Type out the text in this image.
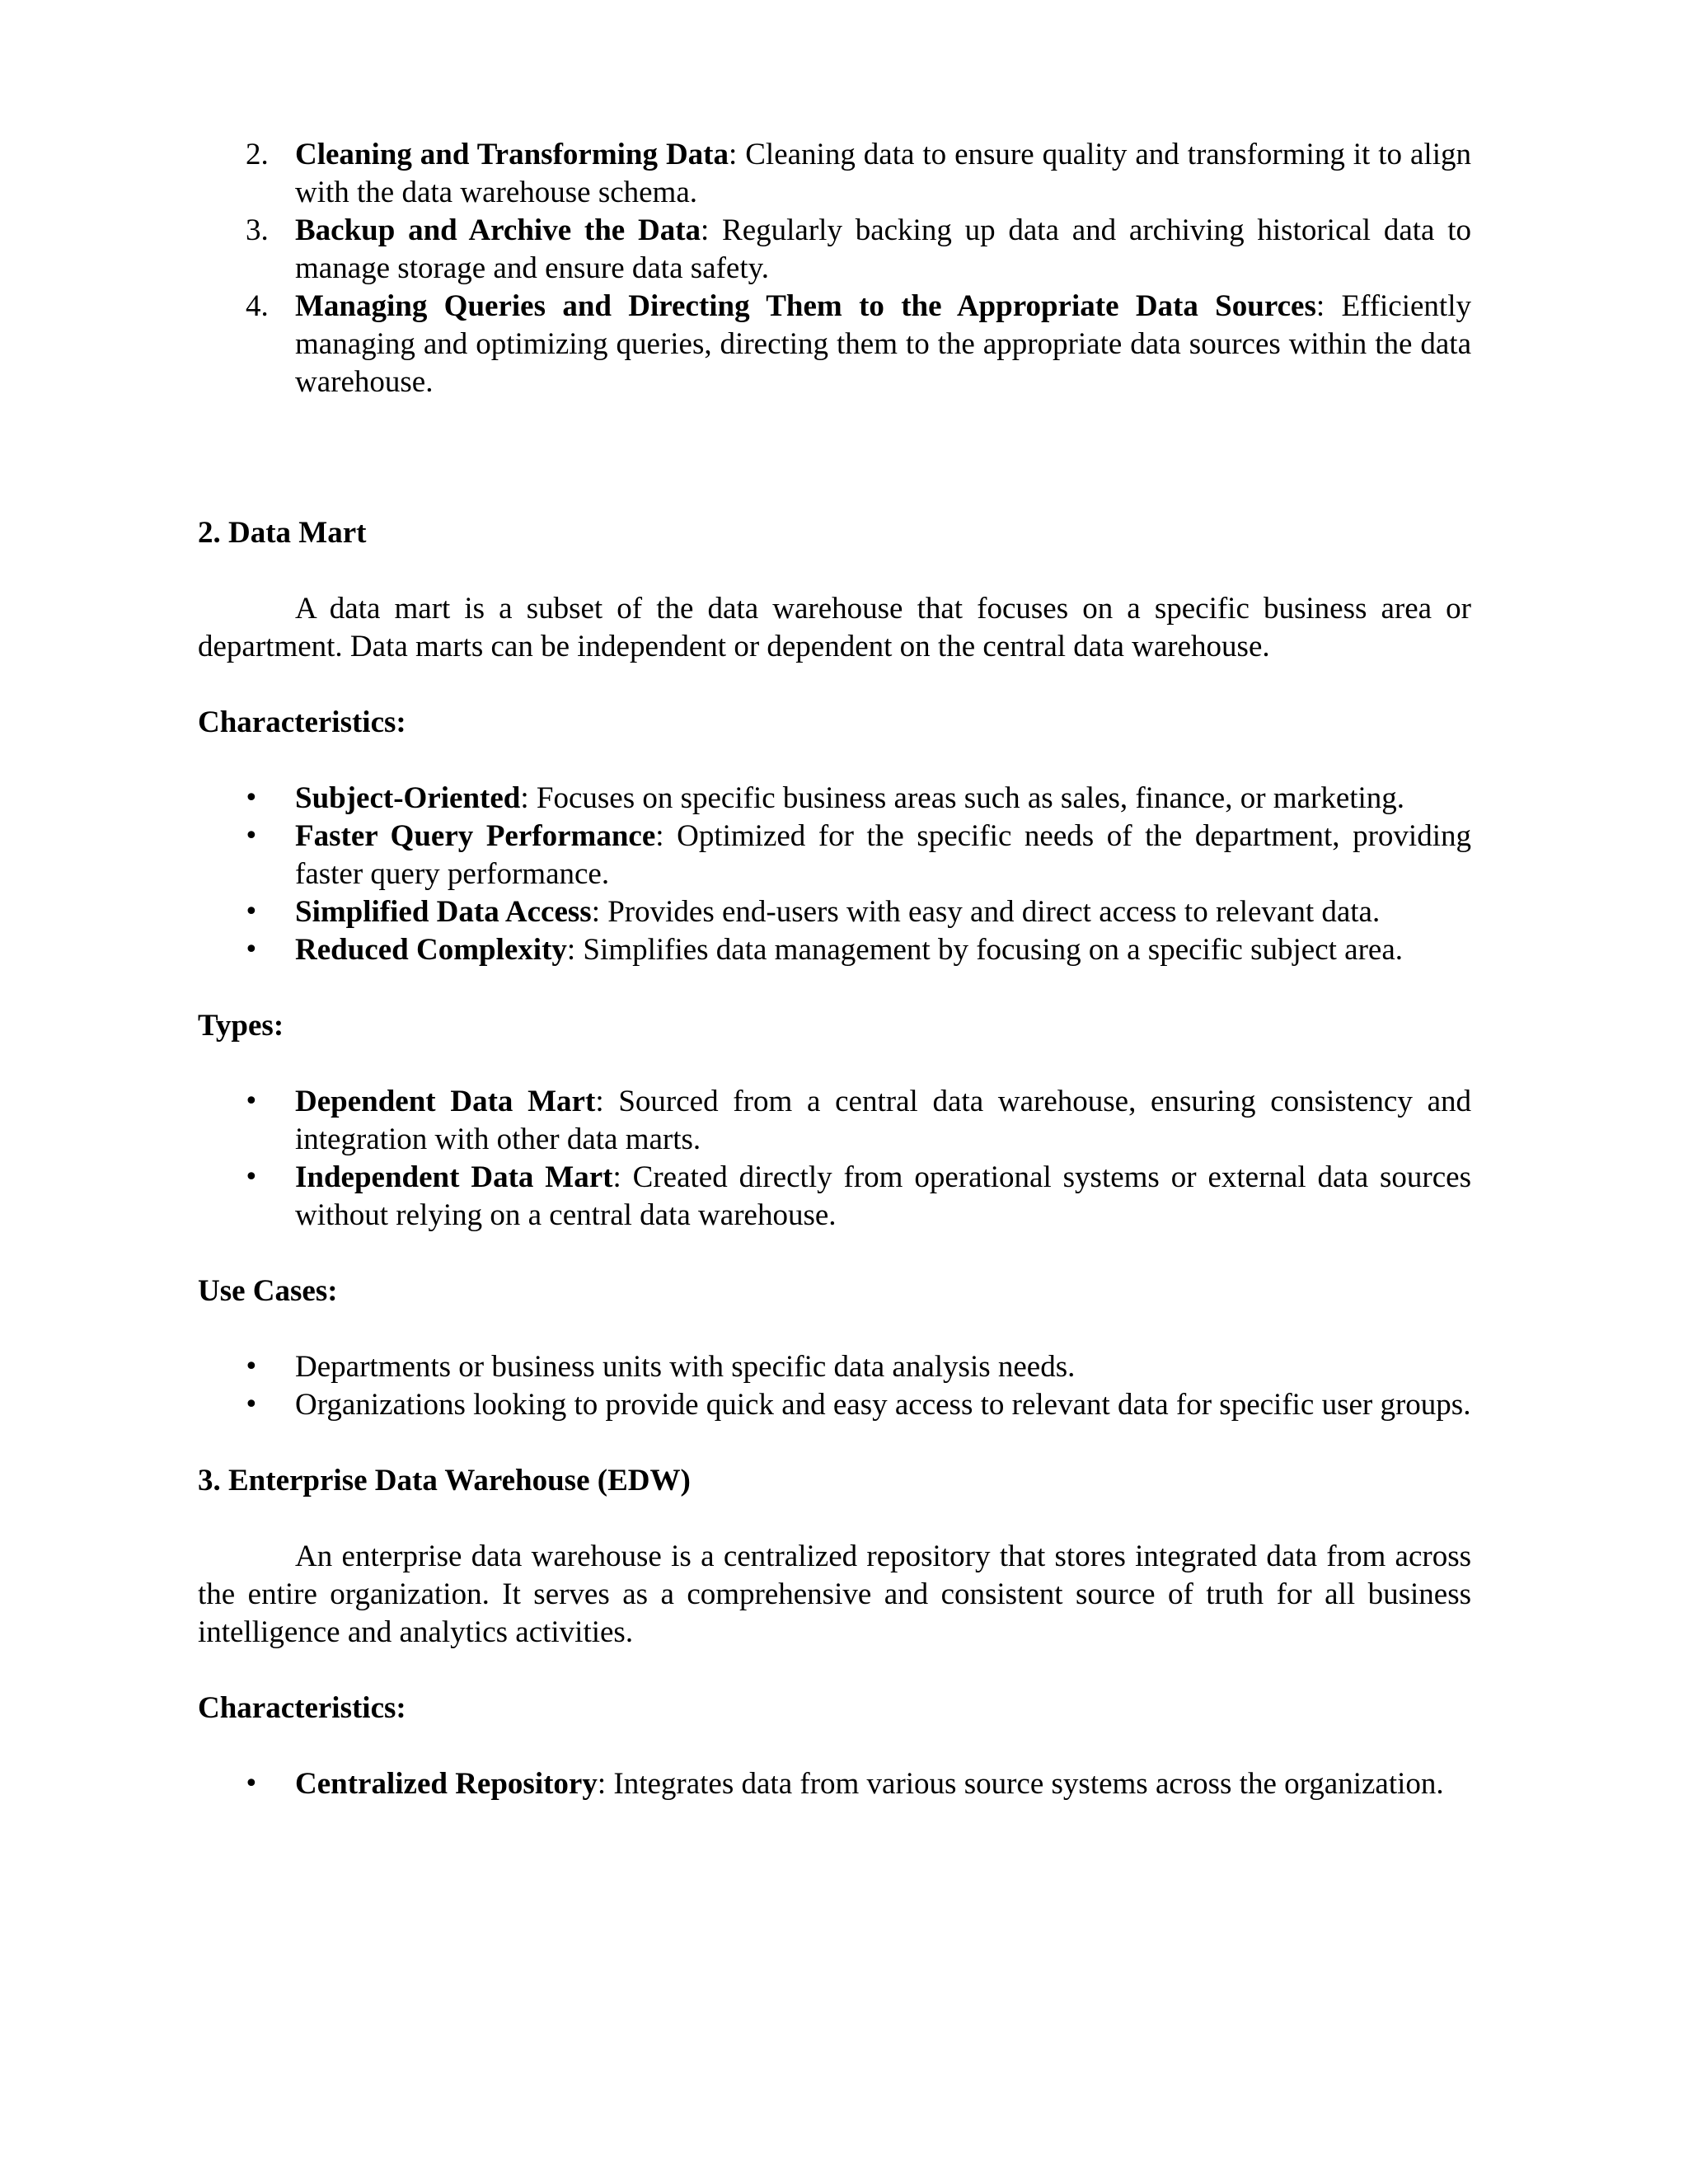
2. Cleaning and Transforming Data: Cleaning data to ensure quality and transforming it to align with the data warehouse schema.
3. Backup and Archive the Data: Regularly backing up data and archiving historical data to manage storage and ensure data safety.
4. Managing Queries and Directing Them to the Appropriate Data Sources: Efficiently managing and optimizing queries, directing them to the appropriate data sources within the data warehouse.

2. Data Mart

A data mart is a subset of the data warehouse that focuses on a specific business area or department. Data marts can be independent or dependent on the central data warehouse.

Characteristics:

• Subject-Oriented: Focuses on specific business areas such as sales, finance, or marketing.
• Faster Query Performance: Optimized for the specific needs of the department, providing faster query performance.
• Simplified Data Access: Provides end-users with easy and direct access to relevant data.
• Reduced Complexity: Simplifies data management by focusing on a specific subject area.

Types:

• Dependent Data Mart: Sourced from a central data warehouse, ensuring consistency and integration with other data marts.
• Independent Data Mart: Created directly from operational systems or external data sources without relying on a central data warehouse.

Use Cases:

• Departments or business units with specific data analysis needs.
• Organizations looking to provide quick and easy access to relevant data for specific user groups.

3. Enterprise Data Warehouse (EDW)

An enterprise data warehouse is a centralized repository that stores integrated data from across the entire organization. It serves as a comprehensive and consistent source of truth for all business intelligence and analytics activities.

Characteristics:

• Centralized Repository: Integrates data from various source systems across the organization.
